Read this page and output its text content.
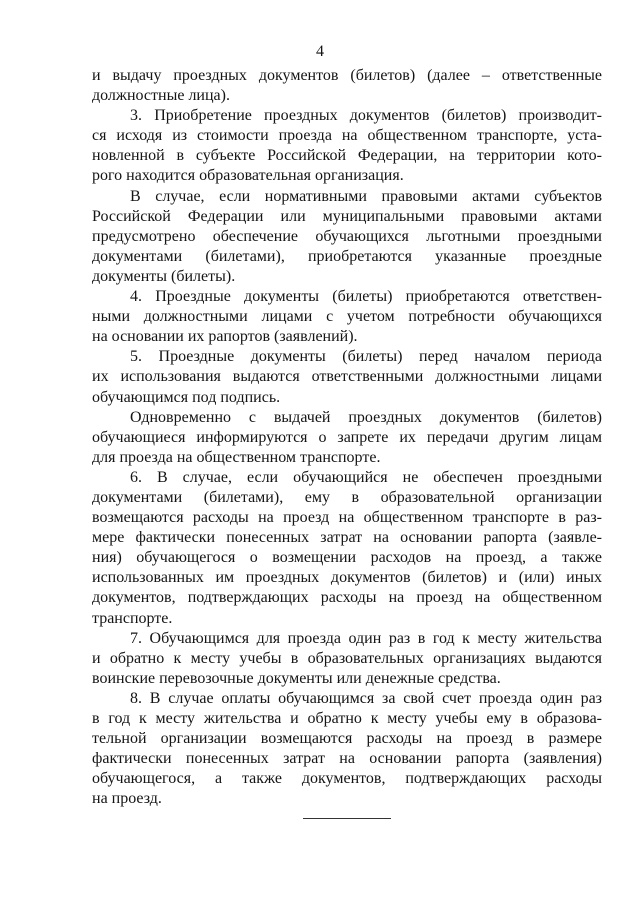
4
и выдачу проездных документов (билетов) (далее – ответственные
должностные лица).
3. Приобретение проездных документов (билетов) производит-
ся исходя из стоимости проезда на общественном транспорте, уста-
новленной в субъекте Российской Федерации, на территории кото-
рого находится образовательная организация.
В случае, если нормативными правовыми актами субъектов
Российской Федерации или муниципальными правовыми актами
предусмотрено обеспечение обучающихся льготными проездными
документами (билетами), приобретаются указанные проездные
документы (билеты).
4. Проездные документы (билеты) приобретаются ответствен-
ными должностными лицами с учетом потребности обучающихся
на основании их рапортов (заявлений).
5. Проездные документы (билеты) перед началом периода
их использования выдаются ответственными должностными лицами
обучающимся под подпись.
Одновременно с выдачей проездных документов (билетов)
обучающиеся информируются о запрете их передачи другим лицам
для проезда на общественном транспорте.
6. В случае, если обучающийся не обеспечен проездными
документами (билетами), ему в образовательной организации
возмещаются расходы на проезд на общественном транспорте в раз-
мере фактически понесенных затрат на основании рапорта (заявле-
ния) обучающегося о возмещении расходов на проезд, а также
использованных им проездных документов (билетов) и (или) иных
документов, подтверждающих расходы на проезд на общественном
транспорте.
7. Обучающимся для проезда один раз в год к месту жительства
и обратно к месту учебы в образовательных организациях выдаются
воинские перевозочные документы или денежные средства.
8. В случае оплаты обучающимся за свой счет проезда один раз
в год к месту жительства и обратно к месту учебы ему в образова-
тельной организации возмещаются расходы на проезд в размере
фактически понесенных затрат на основании рапорта (заявления)
обучающегося, а также документов, подтверждающих расходы
на проезд.
